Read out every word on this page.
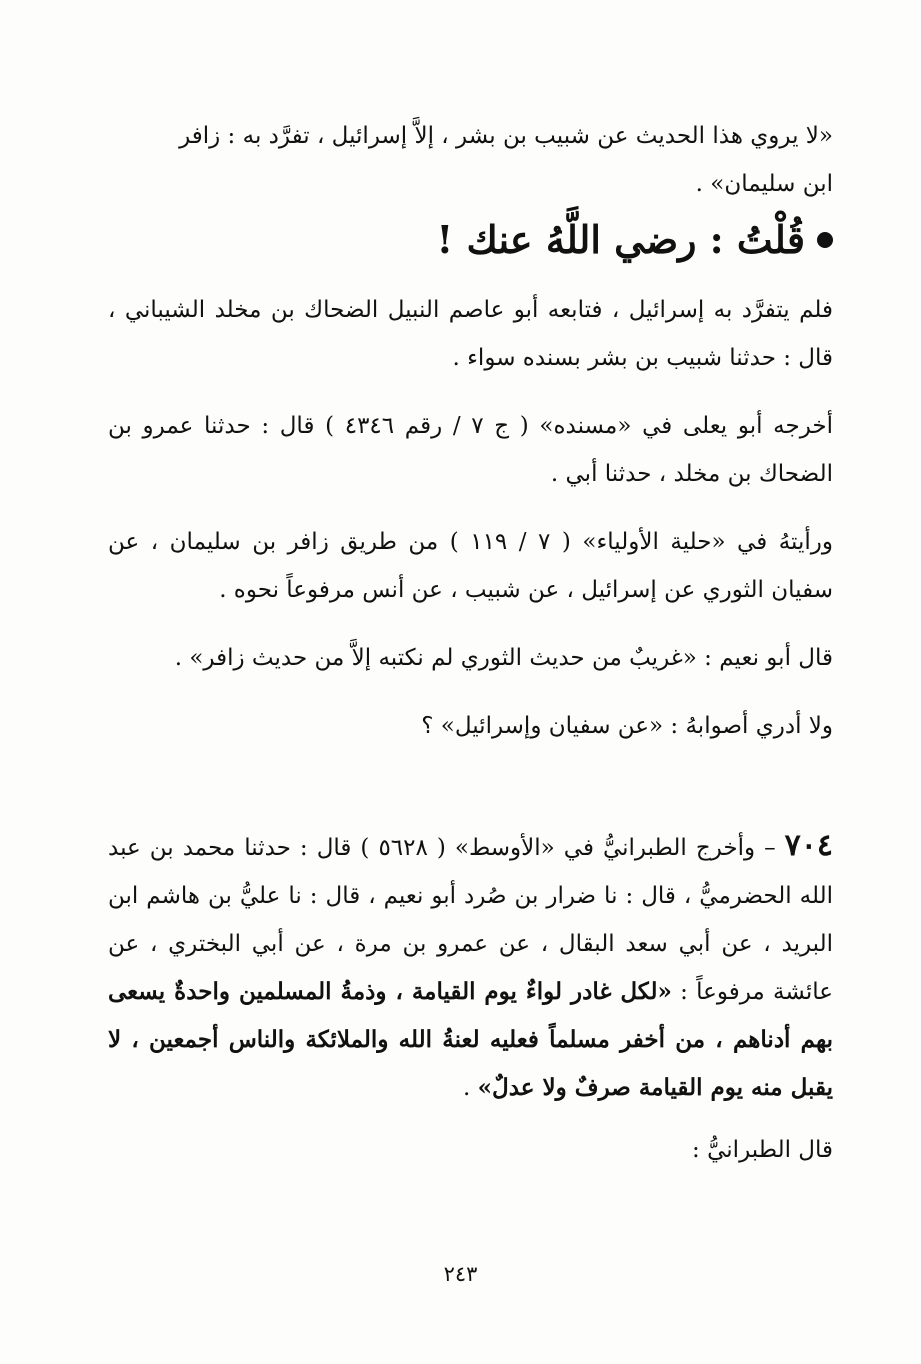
«لا يروي هذا الحديث عن شبيب بن بشر ، إلاَّ إسرائيل ، تفرَّد به : زافر
ابن سليمان» .

قُلْتُ : رضي اللَّهُ عنك !

فلم يتفرَّد به إسرائيل ، فتابعه أبو عاصم النبيل الضحاك بن مخلد الشيباني ، قال : حدثنا شبيب بن بشر بسنده سواء .

أخرجه أبو يعلى في «مسنده» ( ج ٧ / رقم ٤٣٤٦ ) قال : حدثنا عمرو بن الضحاك بن مخلد ، حدثنا أبي .

ورأيتهُ في «حلية الأولياء» ( ٧ / ١١٩ ) من طريق زافر بن سليمان ، عن سفيان الثوري عن إسرائيل ، عن شبيب ، عن أنس مرفوعاً نحوه .

قال أبو نعيم : «غريبٌ من حديث الثوري لم نكتبه إلاَّ من حديث زافر» .

ولا أدري أصوابهُ : «عن سفيان وإسرائيل» ؟

٧٠٤ – وأخرج الطبرانيُّ في «الأوسط» ( ٥٦٢٨ ) قال : حدثنا محمد بن عبد الله الحضرميُّ ، قال : نا ضرار بن صُرد أبو نعيم ، قال : نا عليُّ بن هاشم ابن البريد ، عن أبي سعد البقال ، عن عمرو بن مرة ، عن أبي البختري ، عن عائشة مرفوعاً : «لكل غادر لواءٌ يوم القيامة ، وذمةُ المسلمين واحدةٌ يسعى بهم أدناهم ، من أخفر مسلماً فعليه لعنةُ الله والملائكة والناس أجمعين ، لا يقبل منه يوم القيامة صرفٌ ولا عدلٌ» .

قال الطبرانيُّ :

٢٤٣
